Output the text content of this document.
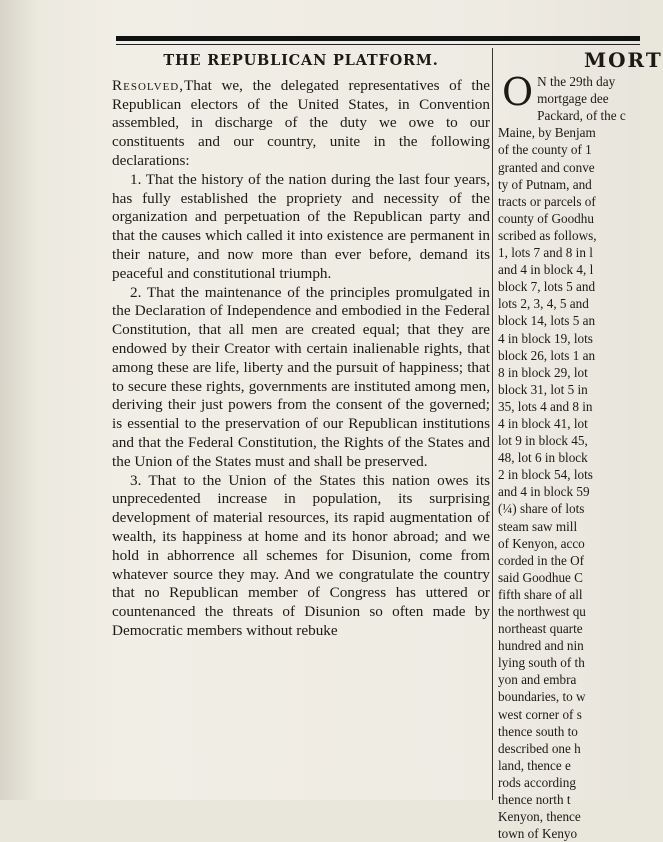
THE REPUBLICAN PLATFORM.

Resolved,That we, the delegated representatives of the Republican electors of the United States, in Convention assembled, in discharge of the duty we owe to our constituents and our country, unite in the following declarations:

1. That the history of the nation during the last four years, has fully established the propriety and necessity of the organization and perpetuation of the Republican party and that the causes which called it into existence are permanent in their nature, and now more than ever before, demand its peaceful and constitutional triumph.

2. That the maintenance of the principles promulgated in the Declaration of Independence and embodied in the Federal Constitution, that all men are created equal; that they are endowed by their Creator with certain inalienable rights, that among these are life, liberty and the pursuit of happiness; that to secure these rights, governments are instituted among men, deriving their just powers from the consent of the governed; is essential to the preservation of our Republican institutions and that the Federal Constitution, the Rights of the States and the Union of the States must and shall be preserved.

3. That to the Union of the States this nation owes its unprecedented increase in population, its surprising development of material resources, its rapid augmentation of wealth, its happiness at home and its honor abroad; and we hold in abhorrence all schemes for Disunion, come from whatever source they may. And we congratulate the country that no Republican member of Congress has uttered or countenanced the threats of Disunion so often made by Democratic members without rebuke

MORT
O N the 29th day
mortgage dee
Packard, of the c
Maine, by Benjam
of the county of 1
granted and conve
ty of Putnam, and
tracts or parcels of
county of Goodhu
scribed as follows,
1, lots 7 and 8 in l
and 4 in block 4, l
block 7, lots 5 and
lots 2, 3, 4, 5 and
block 14, lots 5 an
4 in block 19, lots
block 26, lots 1 an
8 in block 29, lot
block 31, lot 5 in
35, lots 4 and 8 in
4 in block 41, lot
lot 9 in block 45,
48, lot 6 in block
2 in block 54, lots
and 4 in block 59
(¼) share of lots
steam saw mill
of Kenyon, acco
corded in the Of
said Goodhue C
fifth share of all
the northwest qu
northeast quarte
hundred and nin
lying south of th
yon and embra
boundaries, to w
west corner of s
thence south to
described one h
land, thence e
rods according
thence north t
Kenyon, thence
town of Kenyo
